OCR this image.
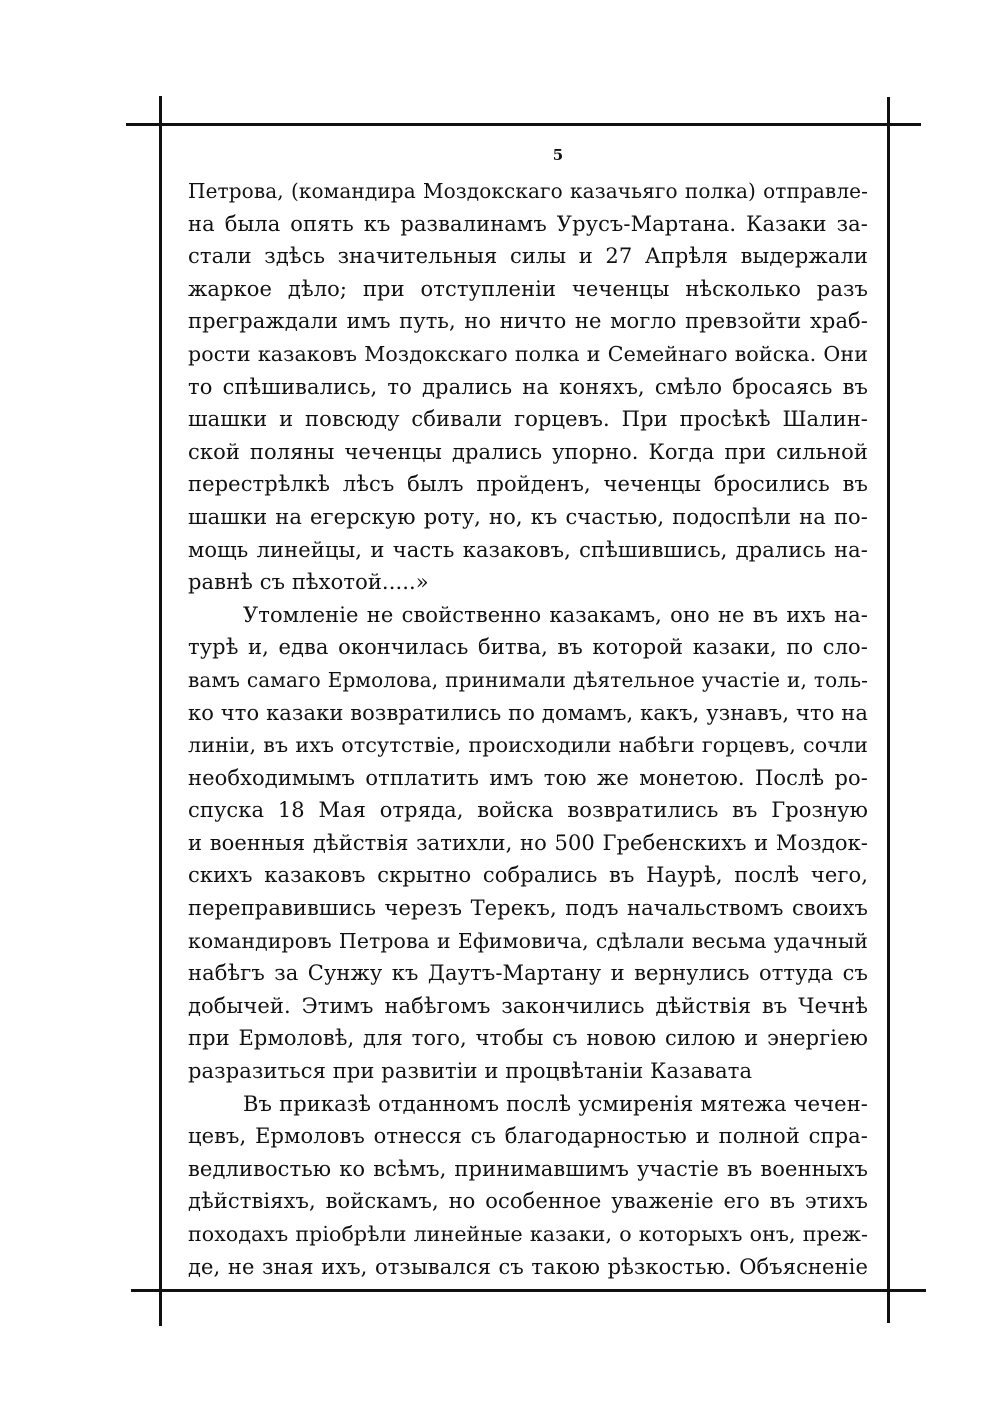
5
Петрова, (командира Моздокскаго казачьяго полка) отправле-
на была опять къ развалинамъ Урусъ-Мартана. Казаки за-
стали здѣсь значительныя силы и 27 Апрѣля выдержали
жаркое дѣло; при отступленіи чеченцы нѣсколько разъ
преграждали имъ путь, но ничто не могло превзойти храб-
рости казаковъ Моздокскаго полка и Семейнаго войска. Они
то спѣшивались, то дрались на коняхъ, смѣло бросаясь въ
шашки и повсюду сбивали горцевъ. При просѣкѣ Шалин-
ской поляны чеченцы дрались упорно. Когда при сильной
перестрѣлкѣ лѣсъ былъ пройденъ, чеченцы бросились въ
шашки на егерскую роту, но, къ счастью, подоспѣли на по-
мощь линейцы, и часть казаковъ, спѣшившись, дрались на-
равнѣ съ пѣхотой.....»
Утомленіе не свойственно казакамъ, оно не въ ихъ на-
турѣ и, едва окончилась битва, въ которой казаки, по сло-
вамъ самаго Ермолова, принимали дѣятельное участіе и, толь-
ко что казаки возвратились по домамъ, какъ, узнавъ, что на
линіи, въ ихъ отсутствіе, происходили набѣги горцевъ, сочли
необходимымъ отплатить имъ тою же монетою. Послѣ ро-
спуска 18 Мая отряда, войска возвратились въ Грозную
и военныя дѣйствія затихли, но 500 Гребенскихъ и Моздок-
скихъ казаковъ скрытно собрались въ Наурѣ, послѣ чего,
переправившись черезъ Терекъ, подъ начальствомъ своихъ
командировъ Петрова и Ефимовича, сдѣлали весьма удачный
набѣгъ за Сунжу къ Даутъ-Мартану и вернулись оттуда съ
добычей. Этимъ набѣгомъ закончились дѣйствія въ Чечнѣ
при Ермоловѣ, для того, чтобы съ новою силою и энергіею
разразиться при развитіи и процвѣтаніи Казавата
Въ приказѣ отданномъ послѣ усмиренія мятежа чечен-
цевъ, Ермоловъ отнесся съ благодарностью и полной спра-
ведливостью ко всѣмъ, принимавшимъ участіе въ военныхъ
дѣйствіяхъ, войскамъ, но особенное уваженіе его въ этихъ
походахъ пріобрѣли линейные казаки, о которыхъ онъ, преж-
де, не зная ихъ, отзывался съ такою рѣзкостью. Объясненіе
